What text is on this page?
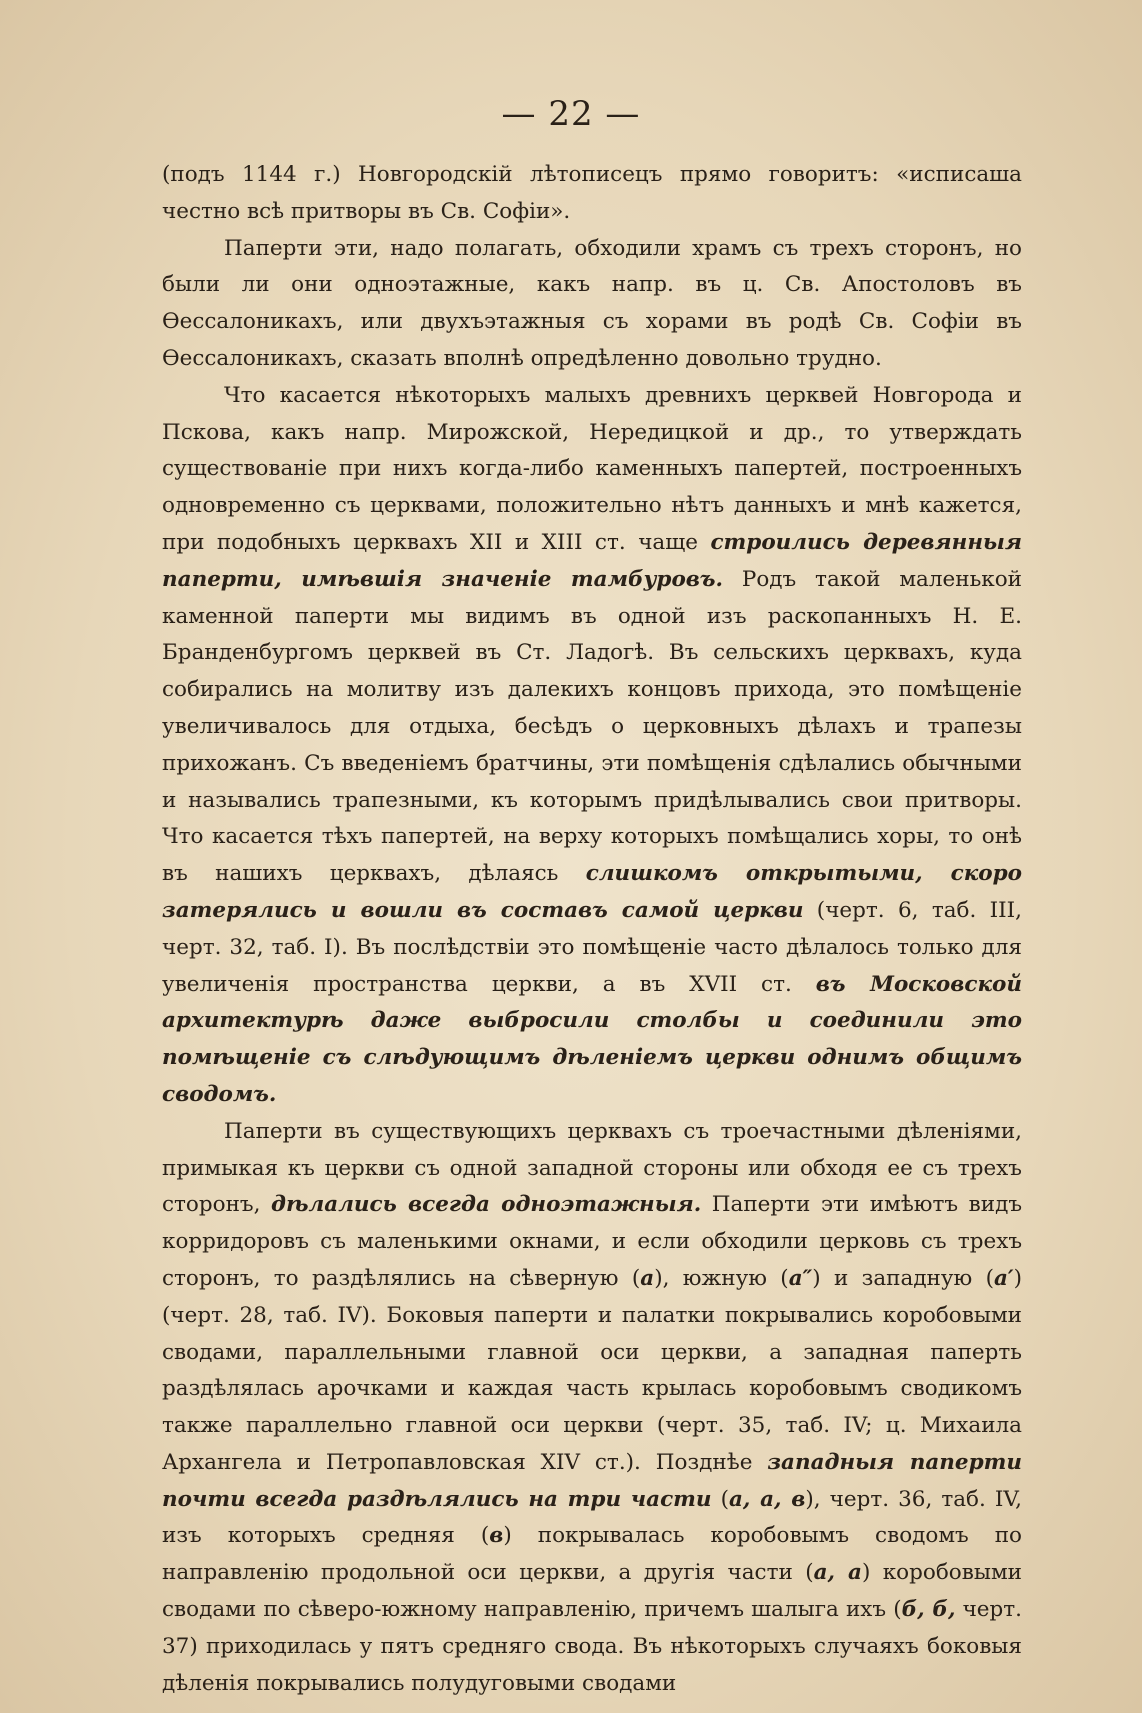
— 22 —

(подъ 1144 г.) Новгородскій лѣтописецъ прямо говоритъ: «исписаша честно всѣ притворы въ Св. Софіи».

Паперти эти, надо полагать, обходили храмъ съ трехъ сторонъ, но были ли они одноэтажные, какъ напр. въ ц. Св. Апостоловъ въ Ѳессалоникахъ, или двухъэтажныя съ хорами въ родѣ Св. Софіи въ Ѳессалоникахъ, сказать вполнѣ опредѣленно довольно трудно.

Что касается нѣкоторыхъ малыхъ древнихъ церквей Новгорода и Пскова, какъ напр. Мирожской, Нередицкой и др., то утверждать существованіе при нихъ когда-либо каменныхъ папертей, построенныхъ одновременно съ церквами, положительно нѣтъ данныхъ и мнѣ кажется, при подобныхъ церквахъ XII и XIII ст. чаще строились деревянныя паперти, имѣвшія значеніе тамбуровъ. Родъ такой маленькой каменной паперти мы видимъ въ одной изъ раскопанныхъ Н. Е. Бранденбургомъ церквей въ Ст. Ладогѣ. Въ сельскихъ церквахъ, куда собирались на молитву изъ далекихъ концовъ прихода, это помѣщеніе увеличивалось для отдыха, бесѣдъ о церковныхъ дѣлахъ и трапезы прихожанъ. Съ введеніемъ братчины, эти помѣщенія сдѣлались обычными и назывались трапезными, къ которымъ придѣлывались свои притворы. Что касается тѣхъ папертей, на верху которыхъ помѣщались хоры, то онѣ въ нашихъ церквахъ, дѣлаясь слишкомъ открытыми, скоро затерялись и вошли въ составъ самой церкви (черт. 6, таб. III, черт. 32, таб. I). Въ послѣдствіи это помѣщеніе часто дѣлалось только для увеличенія пространства церкви, а въ XVII ст. въ Московской архитектурѣ даже выбросили столбы и соединили это помѣщеніе съ слѣдующимъ дѣленіемъ церкви однимъ общимъ сводомъ.

Паперти въ существующихъ церквахъ съ троечастными дѣленіями, примыкая къ церкви съ одной западной стороны или обходя ее съ трехъ сторонъ, дѣлались всегда одноэтажныя. Паперти эти имѣютъ видъ корридоровъ съ маленькими окнами, и если обходили церковь съ трехъ сторонъ, то раздѣлялись на сѣверную (а), южную (а″) и западную (а′) (черт. 28, таб. IV). Боковыя паперти и палатки покрывались коробовыми сводами, параллельными главной оси церкви, а западная паперть раздѣлялась арочками и каждая часть крылась коробовымъ сводикомъ также параллельно главной оси церкви (черт. 35, таб. IV; ц. Михаила Архангела и Петропавловская XIV ст.). Позднѣе западныя паперти почти всегда раздѣлялись на три части (а, а, в), черт. 36, таб. IV, изъ которыхъ средняя (в) покрывалась коробовымъ сводомъ по направленію продольной оси церкви, а другія части (а, а) коробовыми сводами по сѣверо-южному направленію, причемъ шалыга ихъ (б, б, черт. 37) приходилась у пятъ средняго свода. Въ нѣкоторыхъ случаяхъ боковыя дѣленія покрывались полудуговыми сводами
